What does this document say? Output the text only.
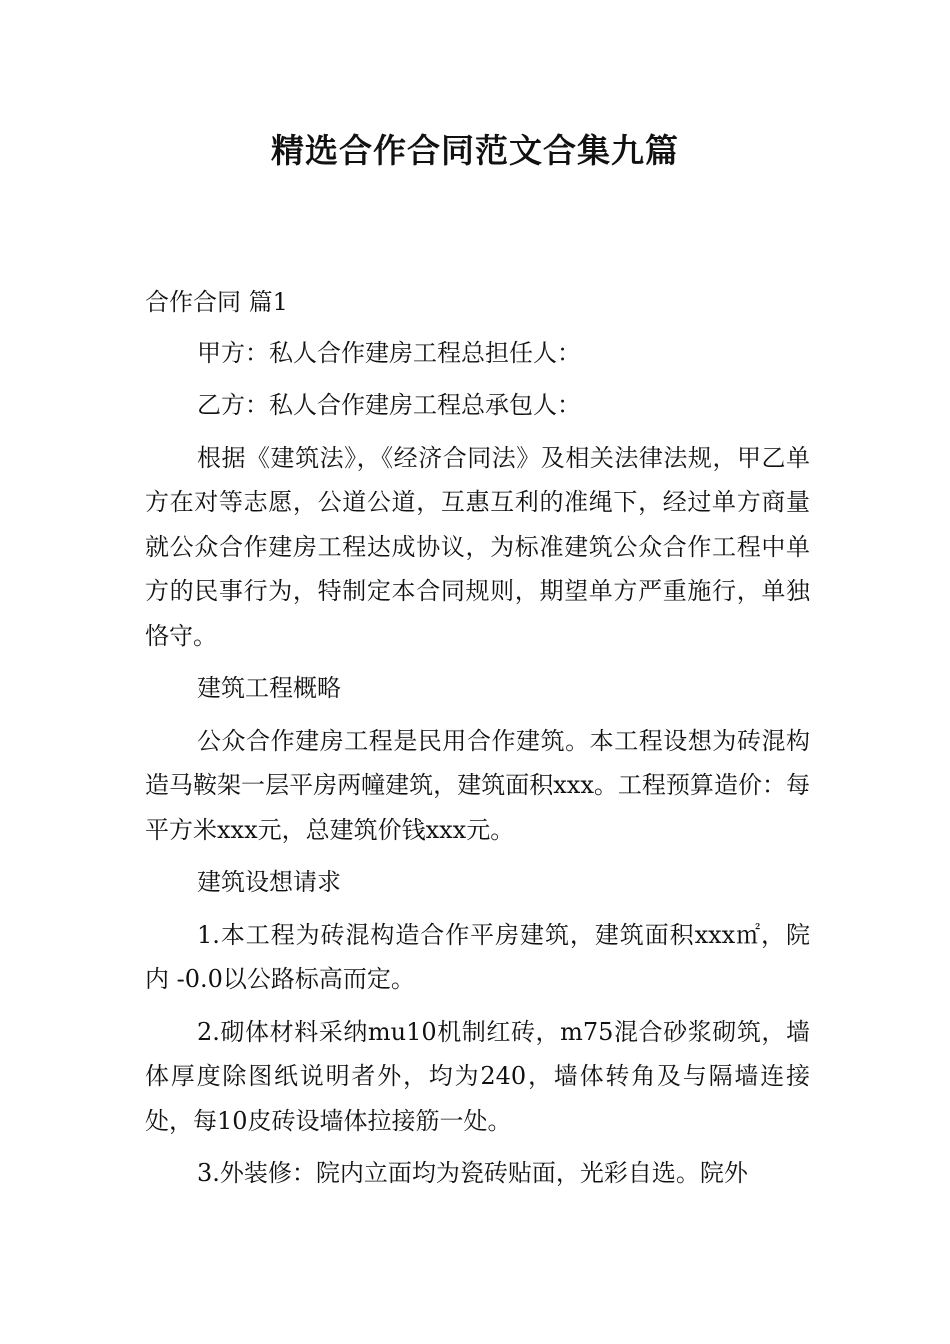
精选合作合同范文合集九篇

合作合同 篇1

甲方：私人合作建房工程总担任人：

乙方：私人合作建房工程总承包人：

根据《建筑法》，《经济合同法》及相关法律法规，甲乙单方在对等志愿，公道公道，互惠互利的准绳下，经过单方商量就公众合作建房工程达成协议，为标准建筑公众合作工程中单方的民事行为，特制定本合同规则，期望单方严重施行，单独恪守。

建筑工程概略

公众合作建房工程是民用合作建筑。本工程设想为砖混构造马鞍架一层平房两幢建筑，建筑面积xxx。工程预算造价：每平方米xxx元，总建筑价钱xxx元。

建筑设想请求

1.本工程为砖混构造合作平房建筑，建筑面积xxx㎡，院内 -0.0以公路标高而定。

2.砌体材料采纳mu10机制红砖，m75混合砂浆砌筑，墙体厚度除图纸说明者外，均为240，墙体转角及与隔墙连接处，每10皮砖设墙体拉接筋一处。

3.外装修：院内立面均为瓷砖贴面，光彩自选。院外
